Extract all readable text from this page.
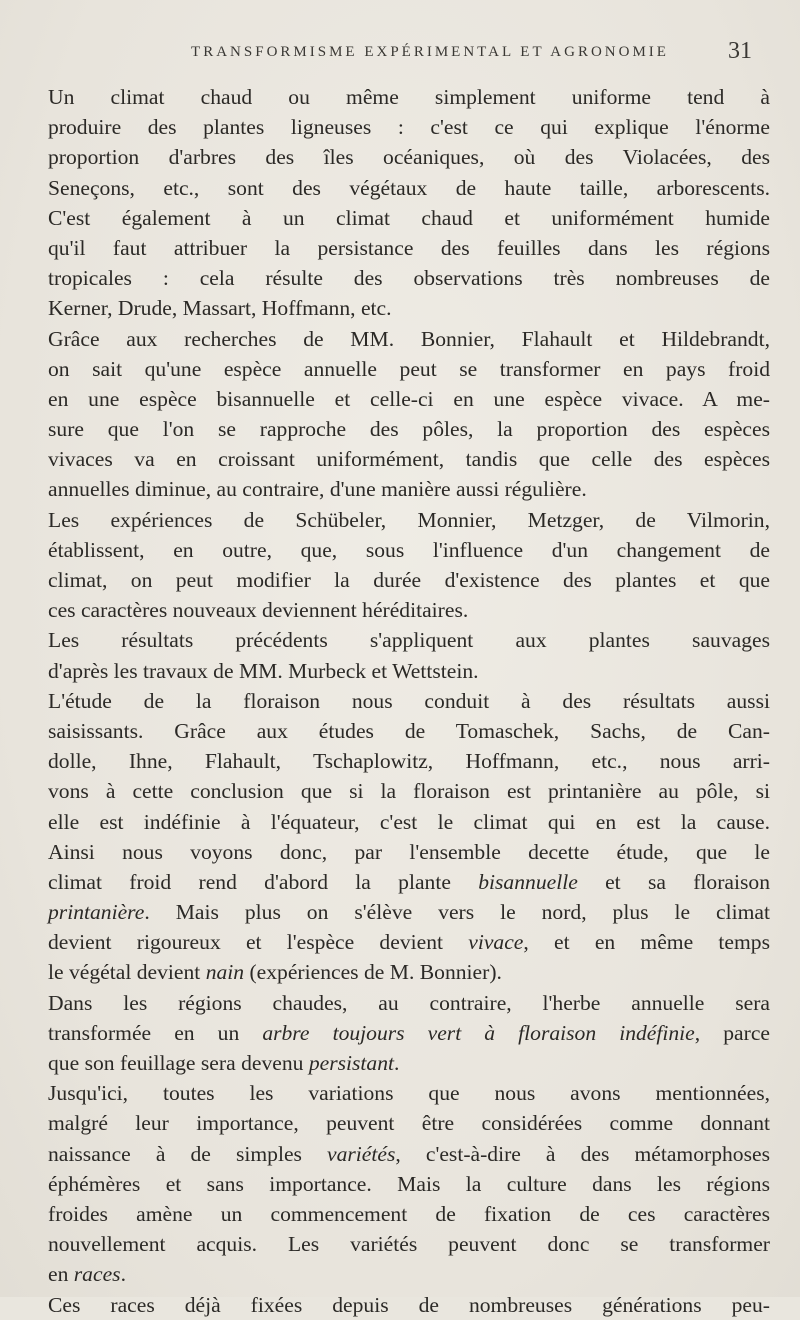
TRANSFORMISME EXPÉRIMENTAL ET AGRONOMIE	31
Un climat chaud ou même simplement uniforme tend à
produire des plantes ligneuses : c'est ce qui explique l'énorme
proportion d'arbres des îles océaniques, où des Violacées, des
Seneçons, etc., sont des végétaux de haute taille, arborescents.
C'est également à un climat chaud et uniformément humide
qu'il faut attribuer la persistance des feuilles dans les régions
tropicales : cela résulte des observations très nombreuses de
Kerner, Drude, Massart, Hoffmann, etc.
Grâce aux recherches de MM. Bonnier, Flahault et Hildebrandt,
on sait qu'une espèce annuelle peut se transformer en pays froid
en une espèce bisannuelle et celle-ci en une espèce vivace. A me-
sure que l'on se rapproche des pôles, la proportion des espèces
vivaces va en croissant uniformément, tandis que celle des espèces
annuelles diminue, au contraire, d'une manière aussi régulière.
Les expériences de Schübeler, Monnier, Metzger, de Vilmorin,
établissent, en outre, que, sous l'influence d'un changement de
climat, on peut modifier la durée d'existence des plantes et que
ces caractères nouveaux deviennent héréditaires.
Les résultats précédents s'appliquent aux plantes sauvages
d'après les travaux de MM. Murbeck et Wettstein.
L'étude de la floraison nous conduit à des résultats aussi
saisissants. Grâce aux études de Tomaschek, Sachs, de Can-
dolle, Ihne, Flahault, Tschaplowitz, Hoffmann, etc., nous arri-
vons à cette conclusion que si la floraison est printanière au pôle, si
elle est indéfinie à l'équateur, c'est le climat qui en est la cause.
Ainsi nous voyons donc, par l'ensemble decette étude, que le
climat froid rend d'abord la plante bisannuelle et sa floraison
printanière. Mais plus on s'élève vers le nord, plus le climat
devient rigoureux et l'espèce devient vivace, et en même temps
le végétal devient nain (expériences de M. Bonnier).
Dans les régions chaudes, au contraire, l'herbe annuelle sera
transformée en un arbre toujours vert à floraison indéfinie, parce
que son feuillage sera devenu persistant.
Jusqu'ici, toutes les variations que nous avons mentionnées,
malgré leur importance, peuvent être considérées comme donnant
naissance à de simples variétés, c'est-à-dire à des métamorphoses
éphémères et sans importance. Mais la culture dans les régions
froides amène un commencement de fixation de ces caractères
nouvellement acquis. Les variétés peuvent donc se transformer
en races.
Ces races déjà fixées depuis de nombreuses générations peu-
